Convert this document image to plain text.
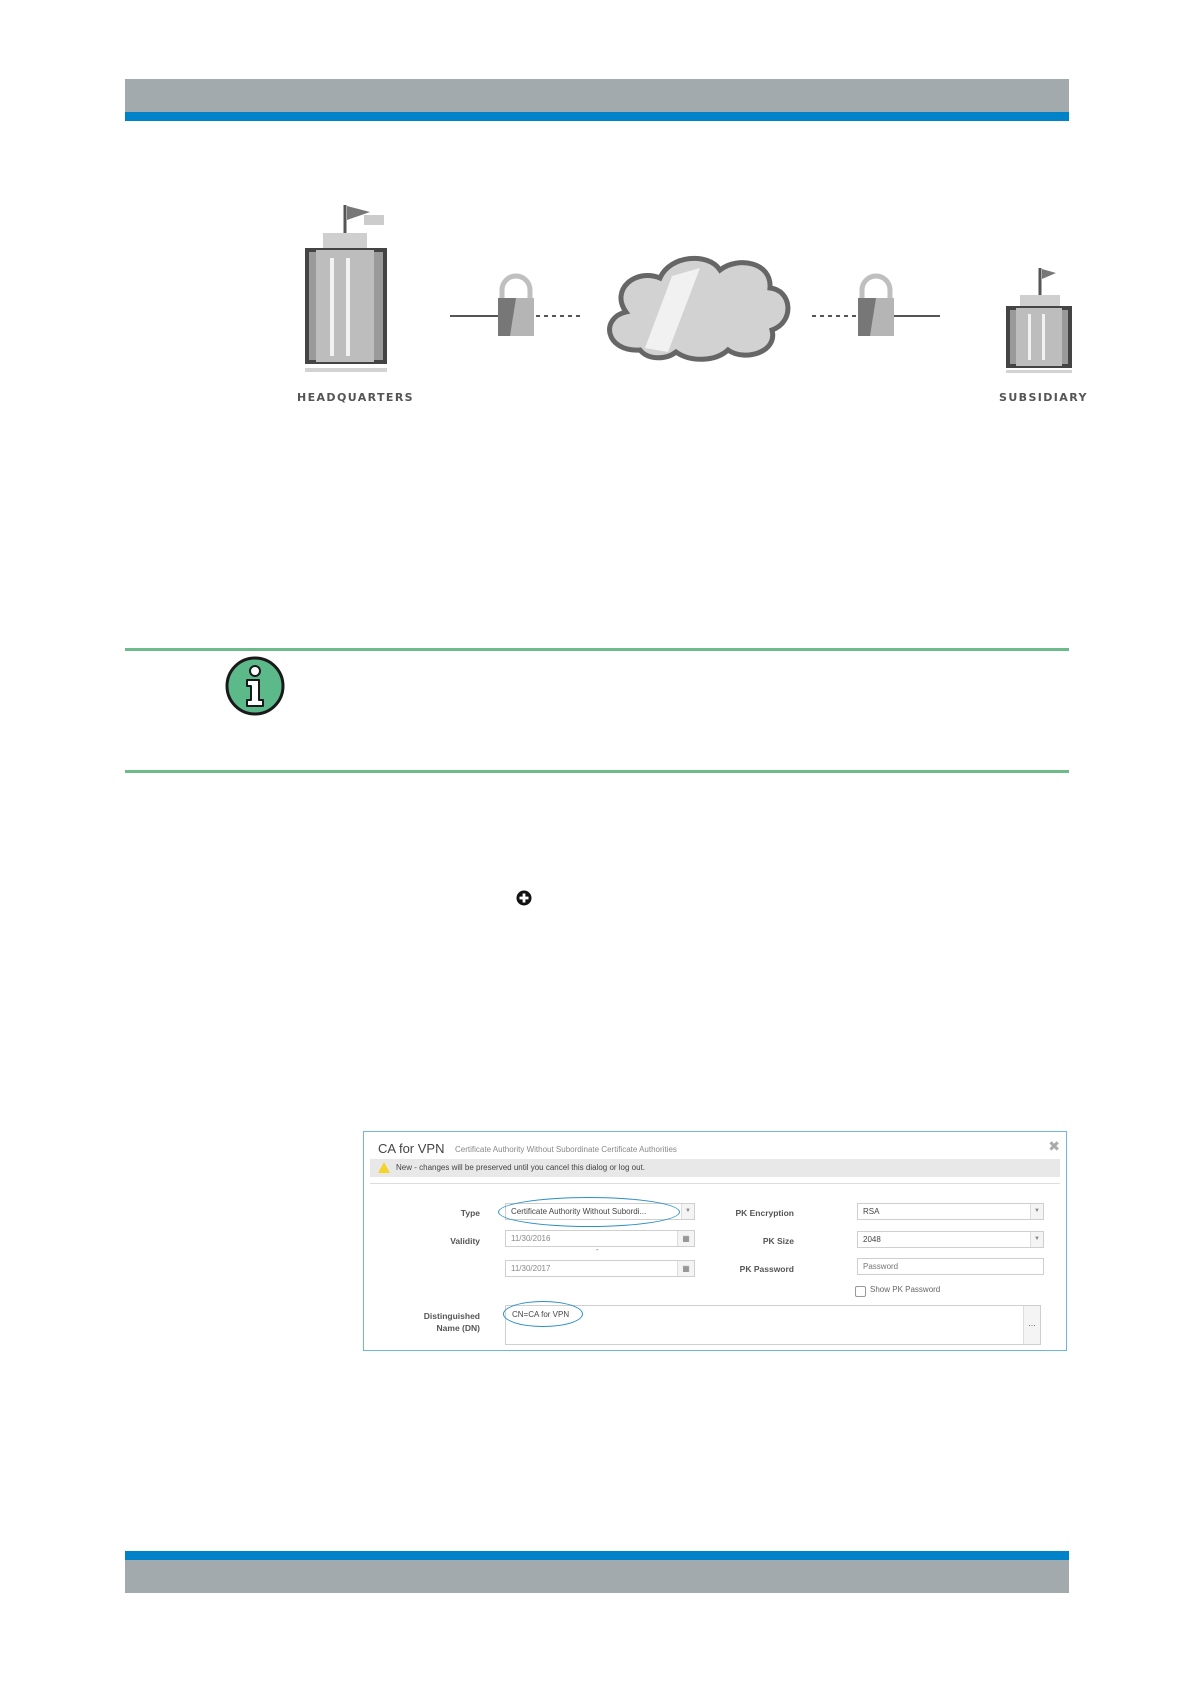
HEADQUARTERS	SUBSIDIARY
CA for VPN Certificate Authority Without Subordinate Certificate Authorities	✖
New - changes will be preserved until you cancel this dialog or log out.
Type	Certificate Authority Without Subordi...	▼
Validity	11/30/2016	▦
-
11/30/2017	▦
PK Encryption	RSA	▼
PK Size	2048	▼
PK Password
Show PK Password
Distinguished
Name (DN)
CN=CA for VPN
...
